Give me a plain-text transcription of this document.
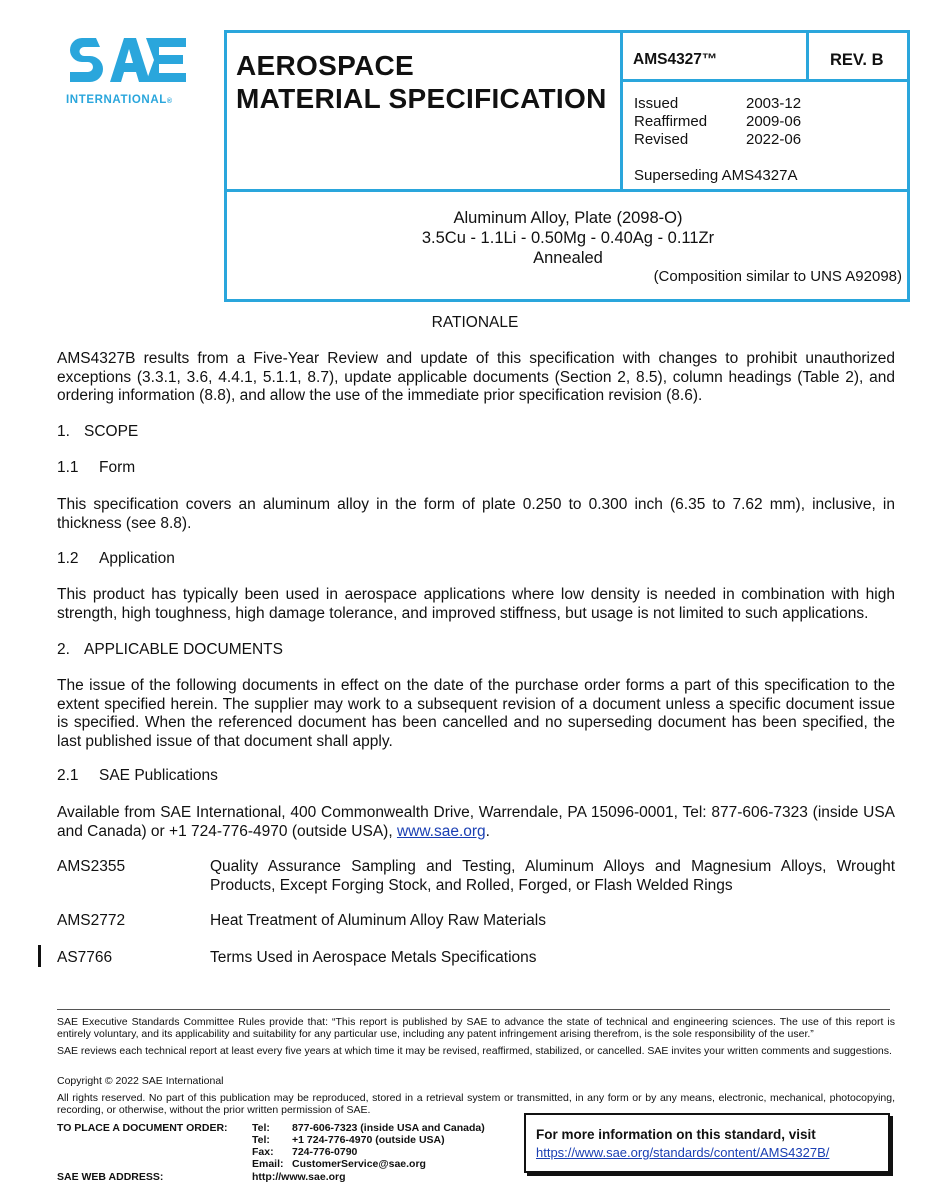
INTERNATIONAL®
AEROSPACE
MATERIAL SPECIFICATION
AMS4327™	REV. B
Issued	2003-12
Reaffirmed	2009-06
Revised	2022-06
Superseding AMS4327A
Aluminum Alloy, Plate (2098-O)
3.5Cu - 1.1Li - 0.50Mg - 0.40Ag - 0.11Zr
Annealed
(Composition similar to UNS A92098)
RATIONALE
AMS4327B results from a Five-Year Review and update of this specification with changes to prohibit unauthorized exceptions (3.3.1, 3.6, 4.4.1, 5.1.1, 8.7), update applicable documents (Section 2, 8.5), column headings (Table 2), and ordering information (8.8), and allow the use of the immediate prior specification revision (8.6).
1. SCOPE
1.1 Form
This specification covers an aluminum alloy in the form of plate 0.250 to 0.300 inch (6.35 to 7.62 mm), inclusive, in thickness (see 8.8).
1.2 Application
This product has typically been used in aerospace applications where low density is needed in combination with high strength, high toughness, high damage tolerance, and improved stiffness, but usage is not limited to such applications.
2. APPLICABLE DOCUMENTS
The issue of the following documents in effect on the date of the purchase order forms a part of this specification to the extent specified herein. The supplier may work to a subsequent revision of a document unless a specific document issue is specified. When the referenced document has been cancelled and no superseding document has been specified, the last published issue of that document shall apply.
2.1 SAE Publications
Available from SAE International, 400 Commonwealth Drive, Warrendale, PA 15096-0001, Tel: 877-606-7323 (inside USA and Canada) or +1 724-776-4970 (outside USA), www.sae.org.
AMS2355	Quality Assurance Sampling and Testing, Aluminum Alloys and Magnesium Alloys, Wrought Products, Except Forging Stock, and Rolled, Forged, or Flash Welded Rings
AMS2772	Heat Treatment of Aluminum Alloy Raw Materials
AS7766	Terms Used in Aerospace Metals Specifications
SAE Executive Standards Committee Rules provide that: “This report is published by SAE to advance the state of technical and engineering sciences. The use of this report is entirely voluntary, and its applicability and suitability for any particular use, including any patent infringement arising therefrom, is the sole responsibility of the user.”
SAE reviews each technical report at least every five years at which time it may be revised, reaffirmed, stabilized, or cancelled. SAE invites your written comments and suggestions.
Copyright © 2022 SAE International
All rights reserved. No part of this publication may be reproduced, stored in a retrieval system or transmitted, in any form or by any means, electronic, mechanical, photocopying, recording, or otherwise, without the prior written permission of SAE.
TO PLACE A DOCUMENT ORDER: Tel: 877-606-7323 (inside USA and Canada)
Tel: +1 724-776-4970 (outside USA)
Fax: 724-776-0790
Email: CustomerService@sae.org
SAE WEB ADDRESS:	http://www.sae.org
For more information on this standard, visit
https://www.sae.org/standards/content/AMS4327B/
